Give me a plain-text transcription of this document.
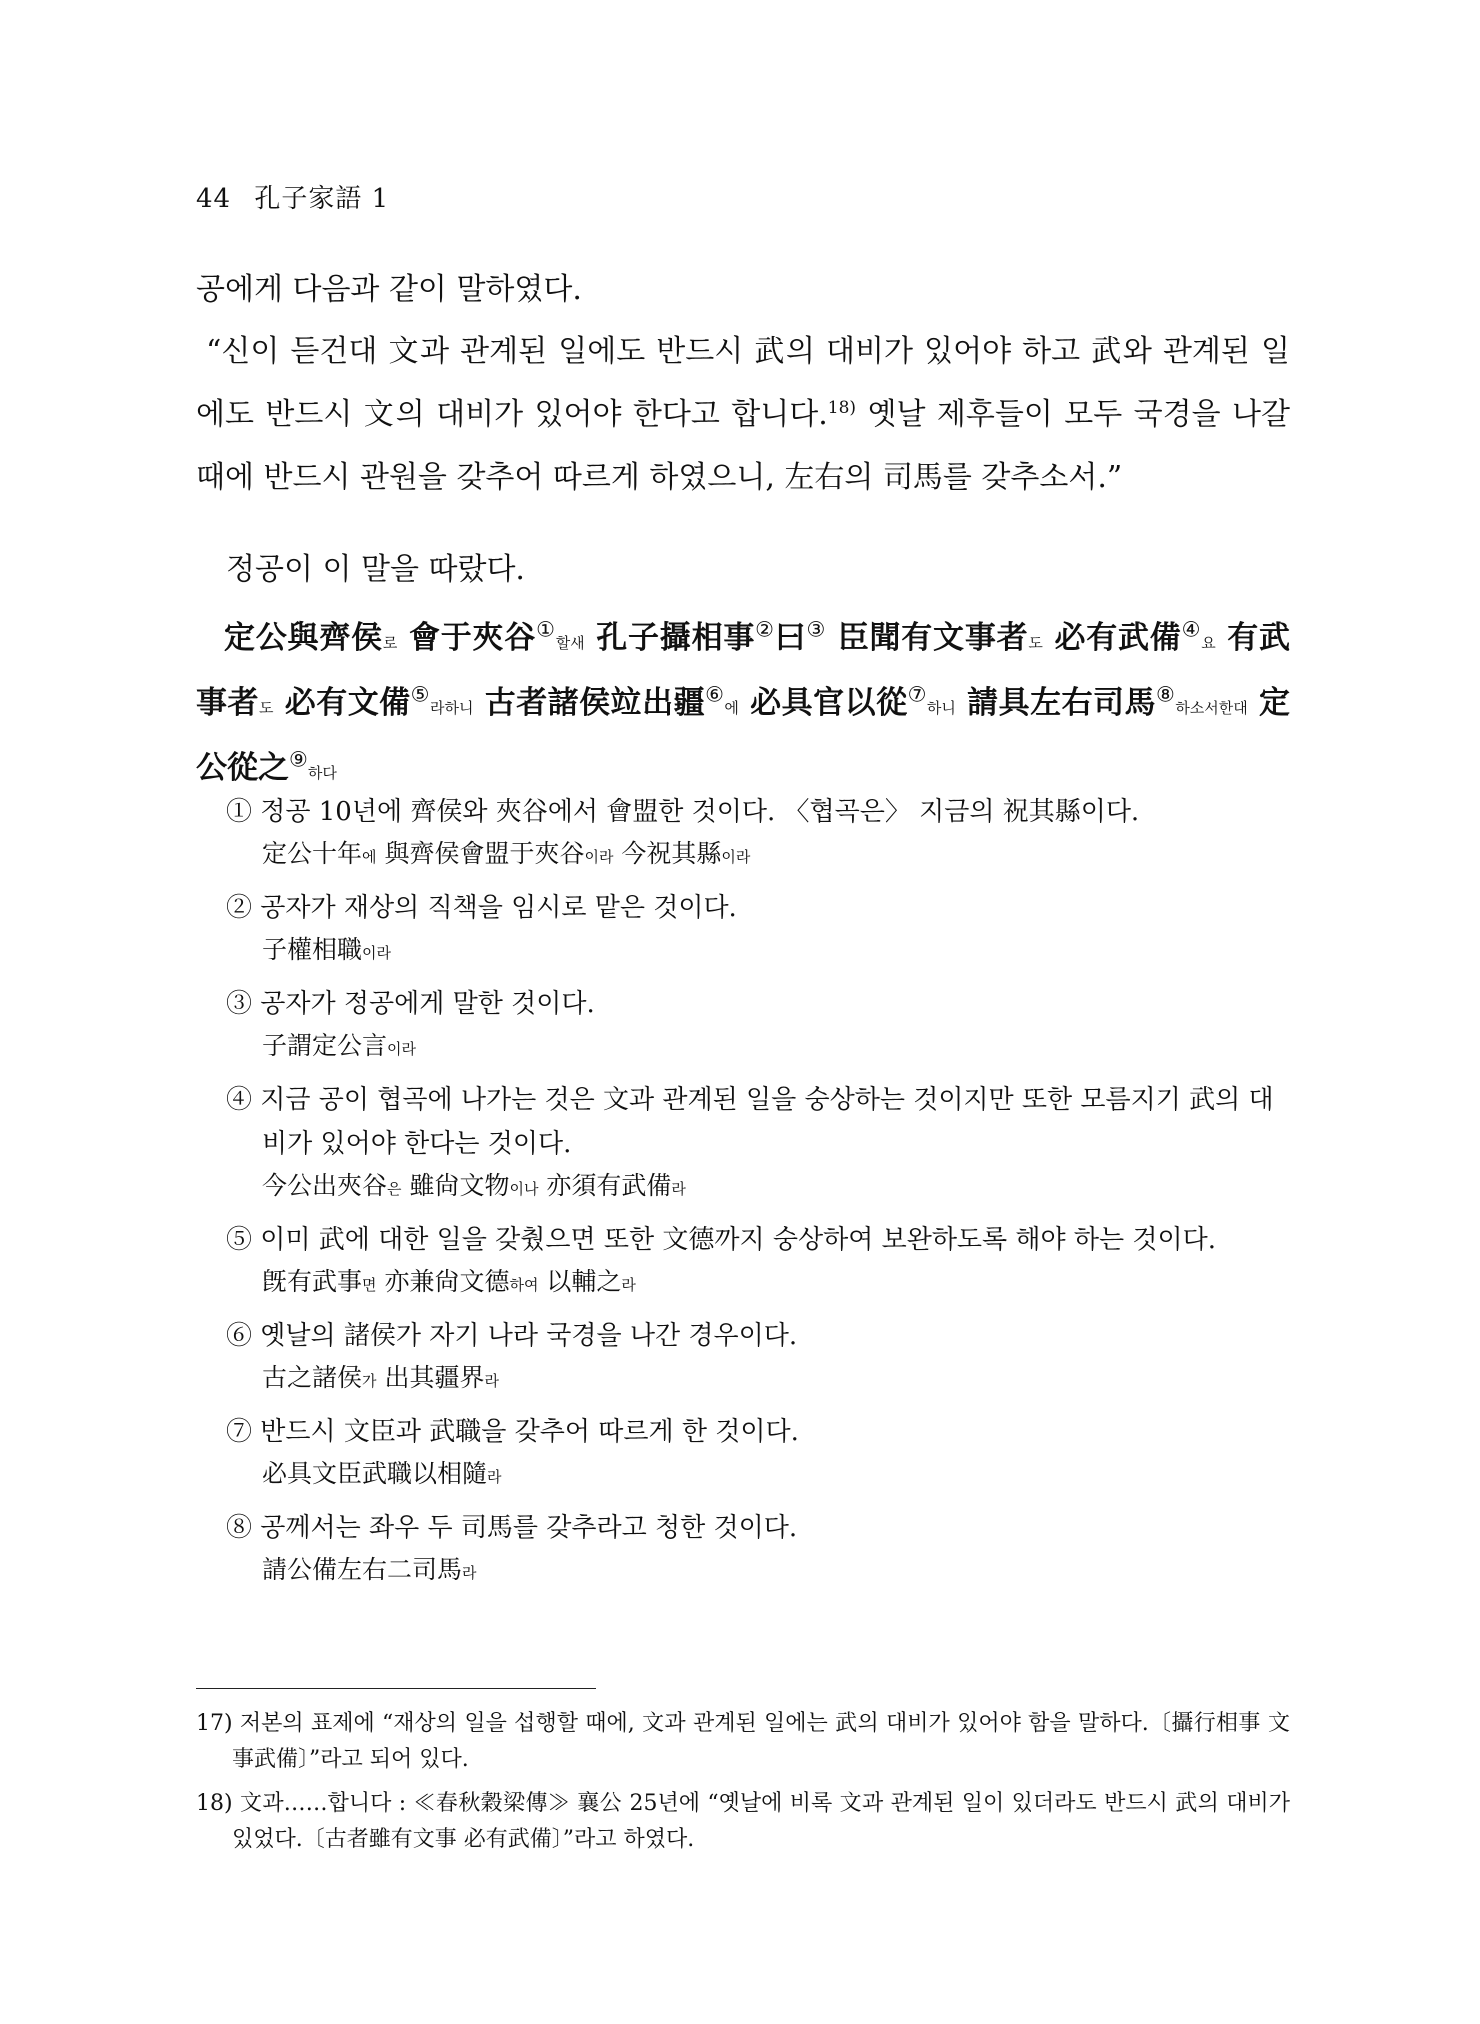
44 孔子家語 1
공에게 다음과 같이 말하였다.
“신이 듣건대 文과 관계된 일에도 반드시 武의 대비가 있어야 하고 武와 관계된 일에도 반드시 文의 대비가 있어야 한다고 합니다.$^{18)}$ 옛날 제후들이 모두 국경을 나갈 때에 반드시 관원을 갖추어 따르게 하였으니, 左右의 司馬를 갖추소서.”
정공이 이 말을 따랐다.
定公與齊侯로 會于夾谷①할새 孔子攝相事②曰③ 臣聞有文事者도 必有武備④요 有武事者도 必有文備⑤라하니 古者諸侯竝出疆⑥에 必具官以從⑦하니 請具左右司馬⑧하소서한대 定公從之⑨하다
① 정공 10년에 齊侯와 夾谷에서 會盟한 것이다. 〈협곡은〉 지금의 祝其縣이다.
定公十年에 與齊侯會盟于夾谷이라 今祝其縣이라
② 공자가 재상의 직책을 임시로 맡은 것이다.
子權相職이라
③ 공자가 정공에게 말한 것이다.
子謂定公言이라
④ 지금 공이 협곡에 나가는 것은 文과 관계된 일을 숭상하는 것이지만 또한 모름지기 武의 대비가 있어야 한다는 것이다.
今公出夾谷은 雖尙文物이나 亦須有武備라
⑤ 이미 武에 대한 일을 갖췄으면 또한 文德까지 숭상하여 보완하도록 해야 하는 것이다.
旣有武事면 亦兼尙文德하여 以輔之라
⑥ 옛날의 諸侯가 자기 나라 국경을 나간 경우이다.
古之諸侯가 出其疆界라
⑦ 반드시 文臣과 武職을 갖추어 따르게 한 것이다.
必具文臣武職以相隨라
⑧ 공께서는 좌우 두 司馬를 갖추라고 청한 것이다.
請公備左右二司馬라
17) 저본의 표제에 “재상의 일을 섭행할 때에, 文과 관계된 일에는 武의 대비가 있어야 함을 말하다.〔攝行相事 文事武備〕”라고 되어 있다.
18) 文과……합니다 : ≪春秋穀梁傳≫ 襄公 25년에 “옛날에 비록 文과 관계된 일이 있더라도 반드시 武의 대비가 있었다.〔古者雖有文事 必有武備〕”라고 하였다.
